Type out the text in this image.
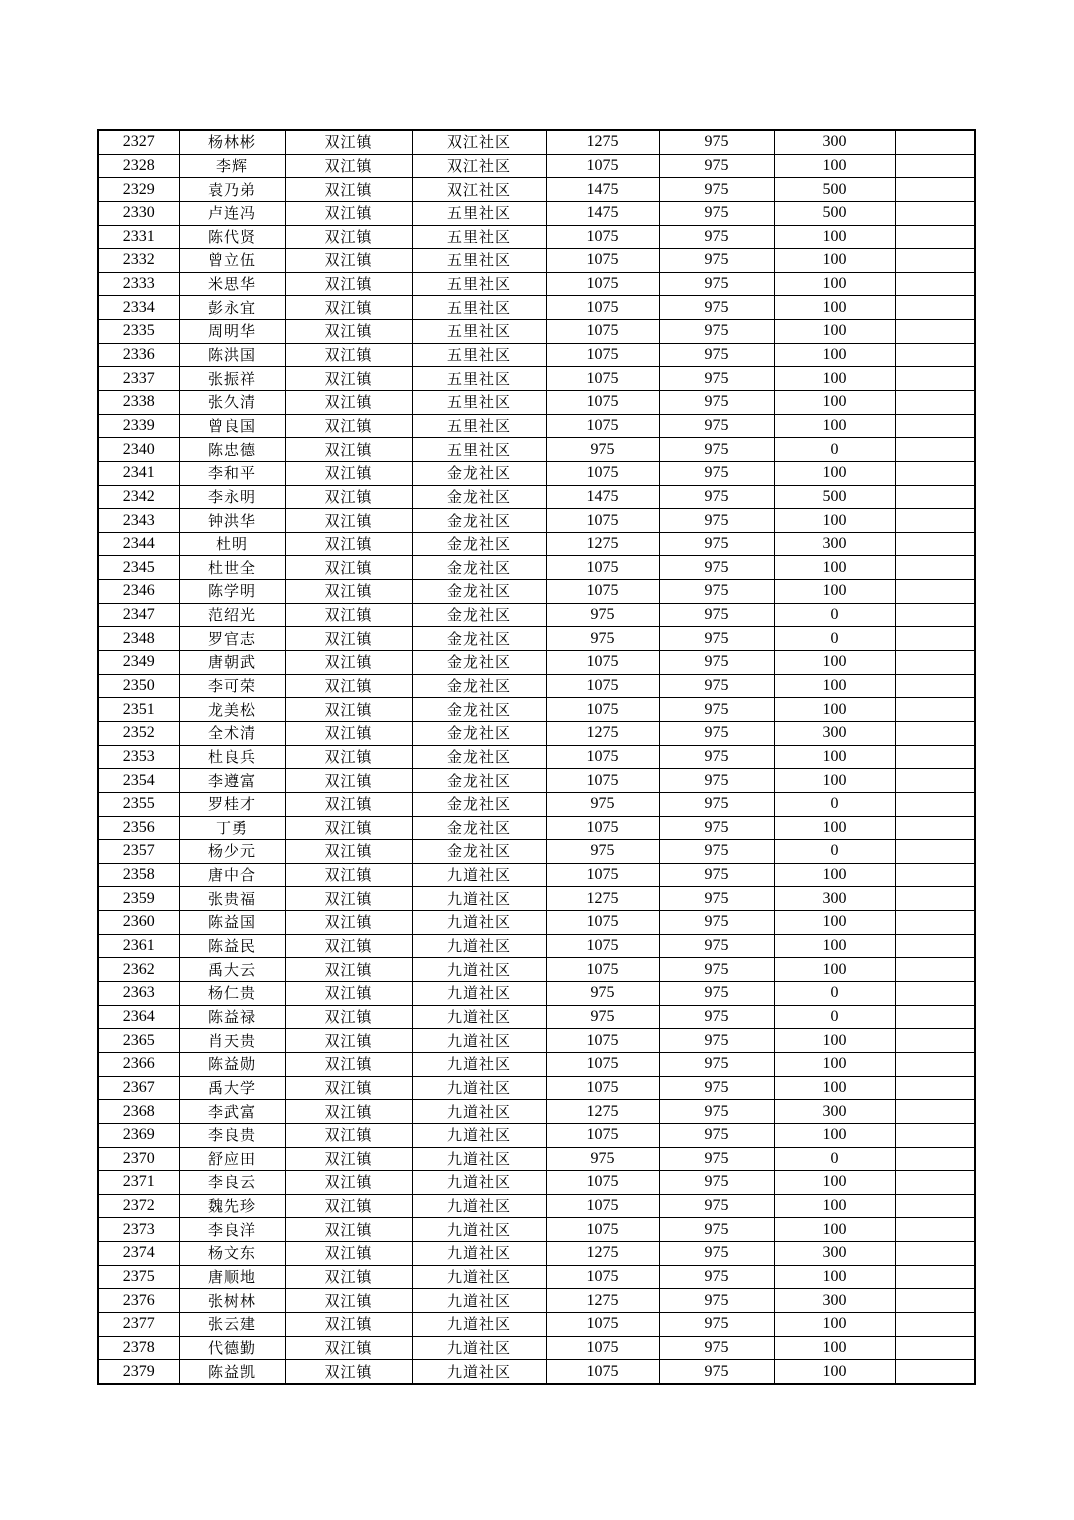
2327	杨林彬	双江镇	双江社区	1275	975	300	
2328	李辉	双江镇	双江社区	1075	975	100	
2329	袁乃弟	双江镇	双江社区	1475	975	500	
2330	卢连冯	双江镇	五里社区	1475	975	500	
2331	陈代贤	双江镇	五里社区	1075	975	100	
2332	曾立伍	双江镇	五里社区	1075	975	100	
2333	米思华	双江镇	五里社区	1075	975	100	
2334	彭永宜	双江镇	五里社区	1075	975	100	
2335	周明华	双江镇	五里社区	1075	975	100	
2336	陈洪国	双江镇	五里社区	1075	975	100	
2337	张振祥	双江镇	五里社区	1075	975	100	
2338	张久清	双江镇	五里社区	1075	975	100	
2339	曾良国	双江镇	五里社区	1075	975	100	
2340	陈忠德	双江镇	五里社区	975	975	0	
2341	李和平	双江镇	金龙社区	1075	975	100	
2342	李永明	双江镇	金龙社区	1475	975	500	
2343	钟洪华	双江镇	金龙社区	1075	975	100	
2344	杜明	双江镇	金龙社区	1275	975	300	
2345	杜世全	双江镇	金龙社区	1075	975	100	
2346	陈学明	双江镇	金龙社区	1075	975	100	
2347	范绍光	双江镇	金龙社区	975	975	0	
2348	罗官志	双江镇	金龙社区	975	975	0	
2349	唐朝武	双江镇	金龙社区	1075	975	100	
2350	李可荣	双江镇	金龙社区	1075	975	100	
2351	龙美松	双江镇	金龙社区	1075	975	100	
2352	全术清	双江镇	金龙社区	1275	975	300	
2353	杜良兵	双江镇	金龙社区	1075	975	100	
2354	李遵富	双江镇	金龙社区	1075	975	100	
2355	罗桂才	双江镇	金龙社区	975	975	0	
2356	丁勇	双江镇	金龙社区	1075	975	100	
2357	杨少元	双江镇	金龙社区	975	975	0	
2358	唐中合	双江镇	九道社区	1075	975	100	
2359	张贵福	双江镇	九道社区	1275	975	300	
2360	陈益国	双江镇	九道社区	1075	975	100	
2361	陈益民	双江镇	九道社区	1075	975	100	
2362	禹大云	双江镇	九道社区	1075	975	100	
2363	杨仁贵	双江镇	九道社区	975	975	0	
2364	陈益禄	双江镇	九道社区	975	975	0	
2365	肖天贵	双江镇	九道社区	1075	975	100	
2366	陈益勋	双江镇	九道社区	1075	975	100	
2367	禹大学	双江镇	九道社区	1075	975	100	
2368	李武富	双江镇	九道社区	1275	975	300	
2369	李良贵	双江镇	九道社区	1075	975	100	
2370	舒应田	双江镇	九道社区	975	975	0	
2371	李良云	双江镇	九道社区	1075	975	100	
2372	魏先珍	双江镇	九道社区	1075	975	100	
2373	李良洋	双江镇	九道社区	1075	975	100	
2374	杨文东	双江镇	九道社区	1275	975	300	
2375	唐顺地	双江镇	九道社区	1075	975	100	
2376	张树林	双江镇	九道社区	1275	975	300	
2377	张云建	双江镇	九道社区	1075	975	100	
2378	代德勤	双江镇	九道社区	1075	975	100	
2379	陈益凯	双江镇	九道社区	1075	975	100	
